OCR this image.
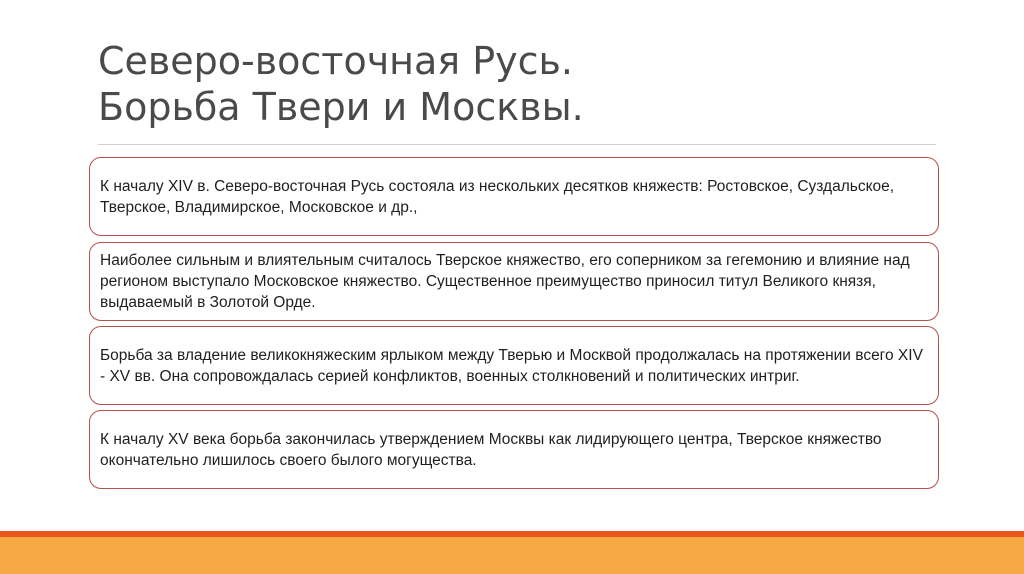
Северо-восточная Русь.
Борьба Твери и Москвы.

К началу XIV в. Северо-восточная Русь состояла из нескольких десятков княжеств: Ростовское, Суздальское, Тверское, Владимирское, Московское и др.,

Наиболее сильным и влиятельным считалось Тверское княжество, его соперником за гегемонию и влияние над регионом выступало Московское княжество. Существенное преимущество приносил титул Великого князя, выдаваемый в Золотой Орде.

Борьба за владение великокняжеским ярлыком между Тверью и Москвой продолжалась на протяжении всего XIV - XV вв. Она сопровождалась серией конфликтов, военных столкновений и политических интриг.

К началу XV века борьба закончилась утверждением Москвы как лидирующего центра, Тверское княжество окончательно лишилось своего былого могущества.
